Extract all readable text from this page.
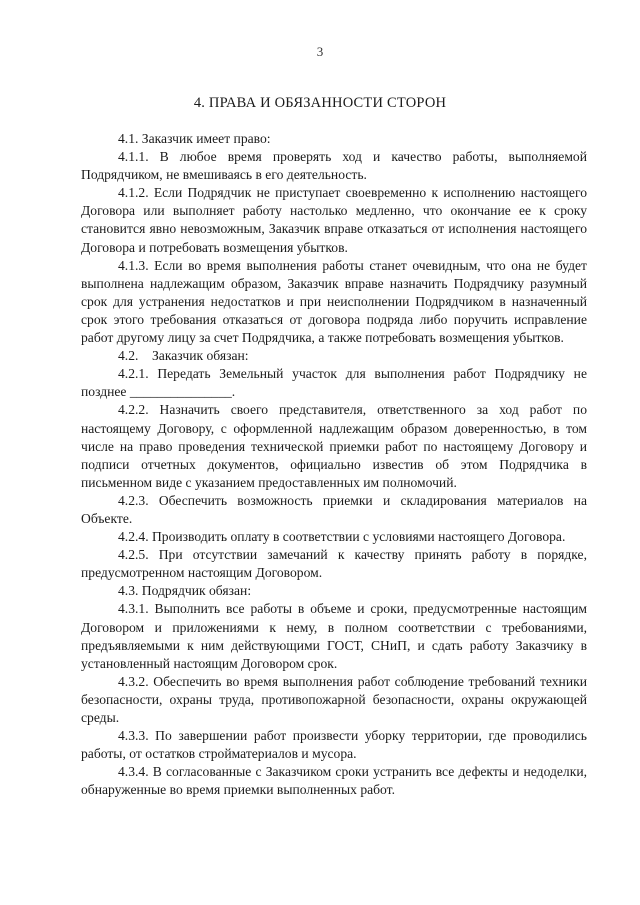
3
4. ПРАВА И ОБЯЗАННОСТИ СТОРОН

4.1. Заказчик имеет право:

4.1.1. В любое время проверять ход и качество работы, выполняемой Подрядчиком, не вмешиваясь в его деятельность.

4.1.2. Если Подрядчик не приступает своевременно к исполнению настоящего Договора или выполняет работу настолько медленно, что окончание ее к сроку становится явно невозможным, Заказчик вправе отказаться от исполнения настоящего Договора и потребовать возмещения убытков.

4.1.3. Если во время выполнения работы станет очевидным, что она не будет выполнена надлежащим образом, Заказчик вправе назначить Подрядчику разумный срок для устранения недостатков и при неисполнении Подрядчиком в назначенный срок этого требования отказаться от договора подряда либо поручить исправление работ другому лицу за счет Подрядчика, а также потребовать возмещения убытков.

4.2.    Заказчик обязан:

4.2.1. Передать Земельный участок для выполнения работ Подрядчику не позднее _______________.

4.2.2. Назначить своего представителя, ответственного за ход работ по настоящему Договору, с оформленной надлежащим образом доверенностью, в том числе на право проведения технической приемки работ по настоящему Договору и подписи отчетных документов, официально известив об этом Подрядчика в письменном виде с указанием предоставленных им полномочий.

4.2.3. Обеспечить возможность приемки и складирования материалов на Объекте.

4.2.4. Производить оплату в соответствии с условиями настоящего Договора.

4.2.5. При отсутствии замечаний к качеству принять работу в порядке, предусмотренном настоящим Договором.

4.3. Подрядчик обязан:

4.3.1. Выполнить все работы в объеме и сроки, предусмотренные настоящим Договором и приложениями к нему, в полном соответствии с требованиями, предъявляемыми к ним действующими ГОСТ, СНиП, и сдать работу Заказчику в установленный настоящим Договором срок.

4.3.2. Обеспечить во время выполнения работ соблюдение требований техники безопасности, охраны труда, противопожарной безопасности, охраны окружающей среды.

4.3.3. По завершении работ произвести уборку территории, где проводились работы, от остатков стройматериалов и мусора.

4.3.4. В согласованные с Заказчиком сроки устранить все дефекты и недоделки, обнаруженные во время приемки выполненных работ.
